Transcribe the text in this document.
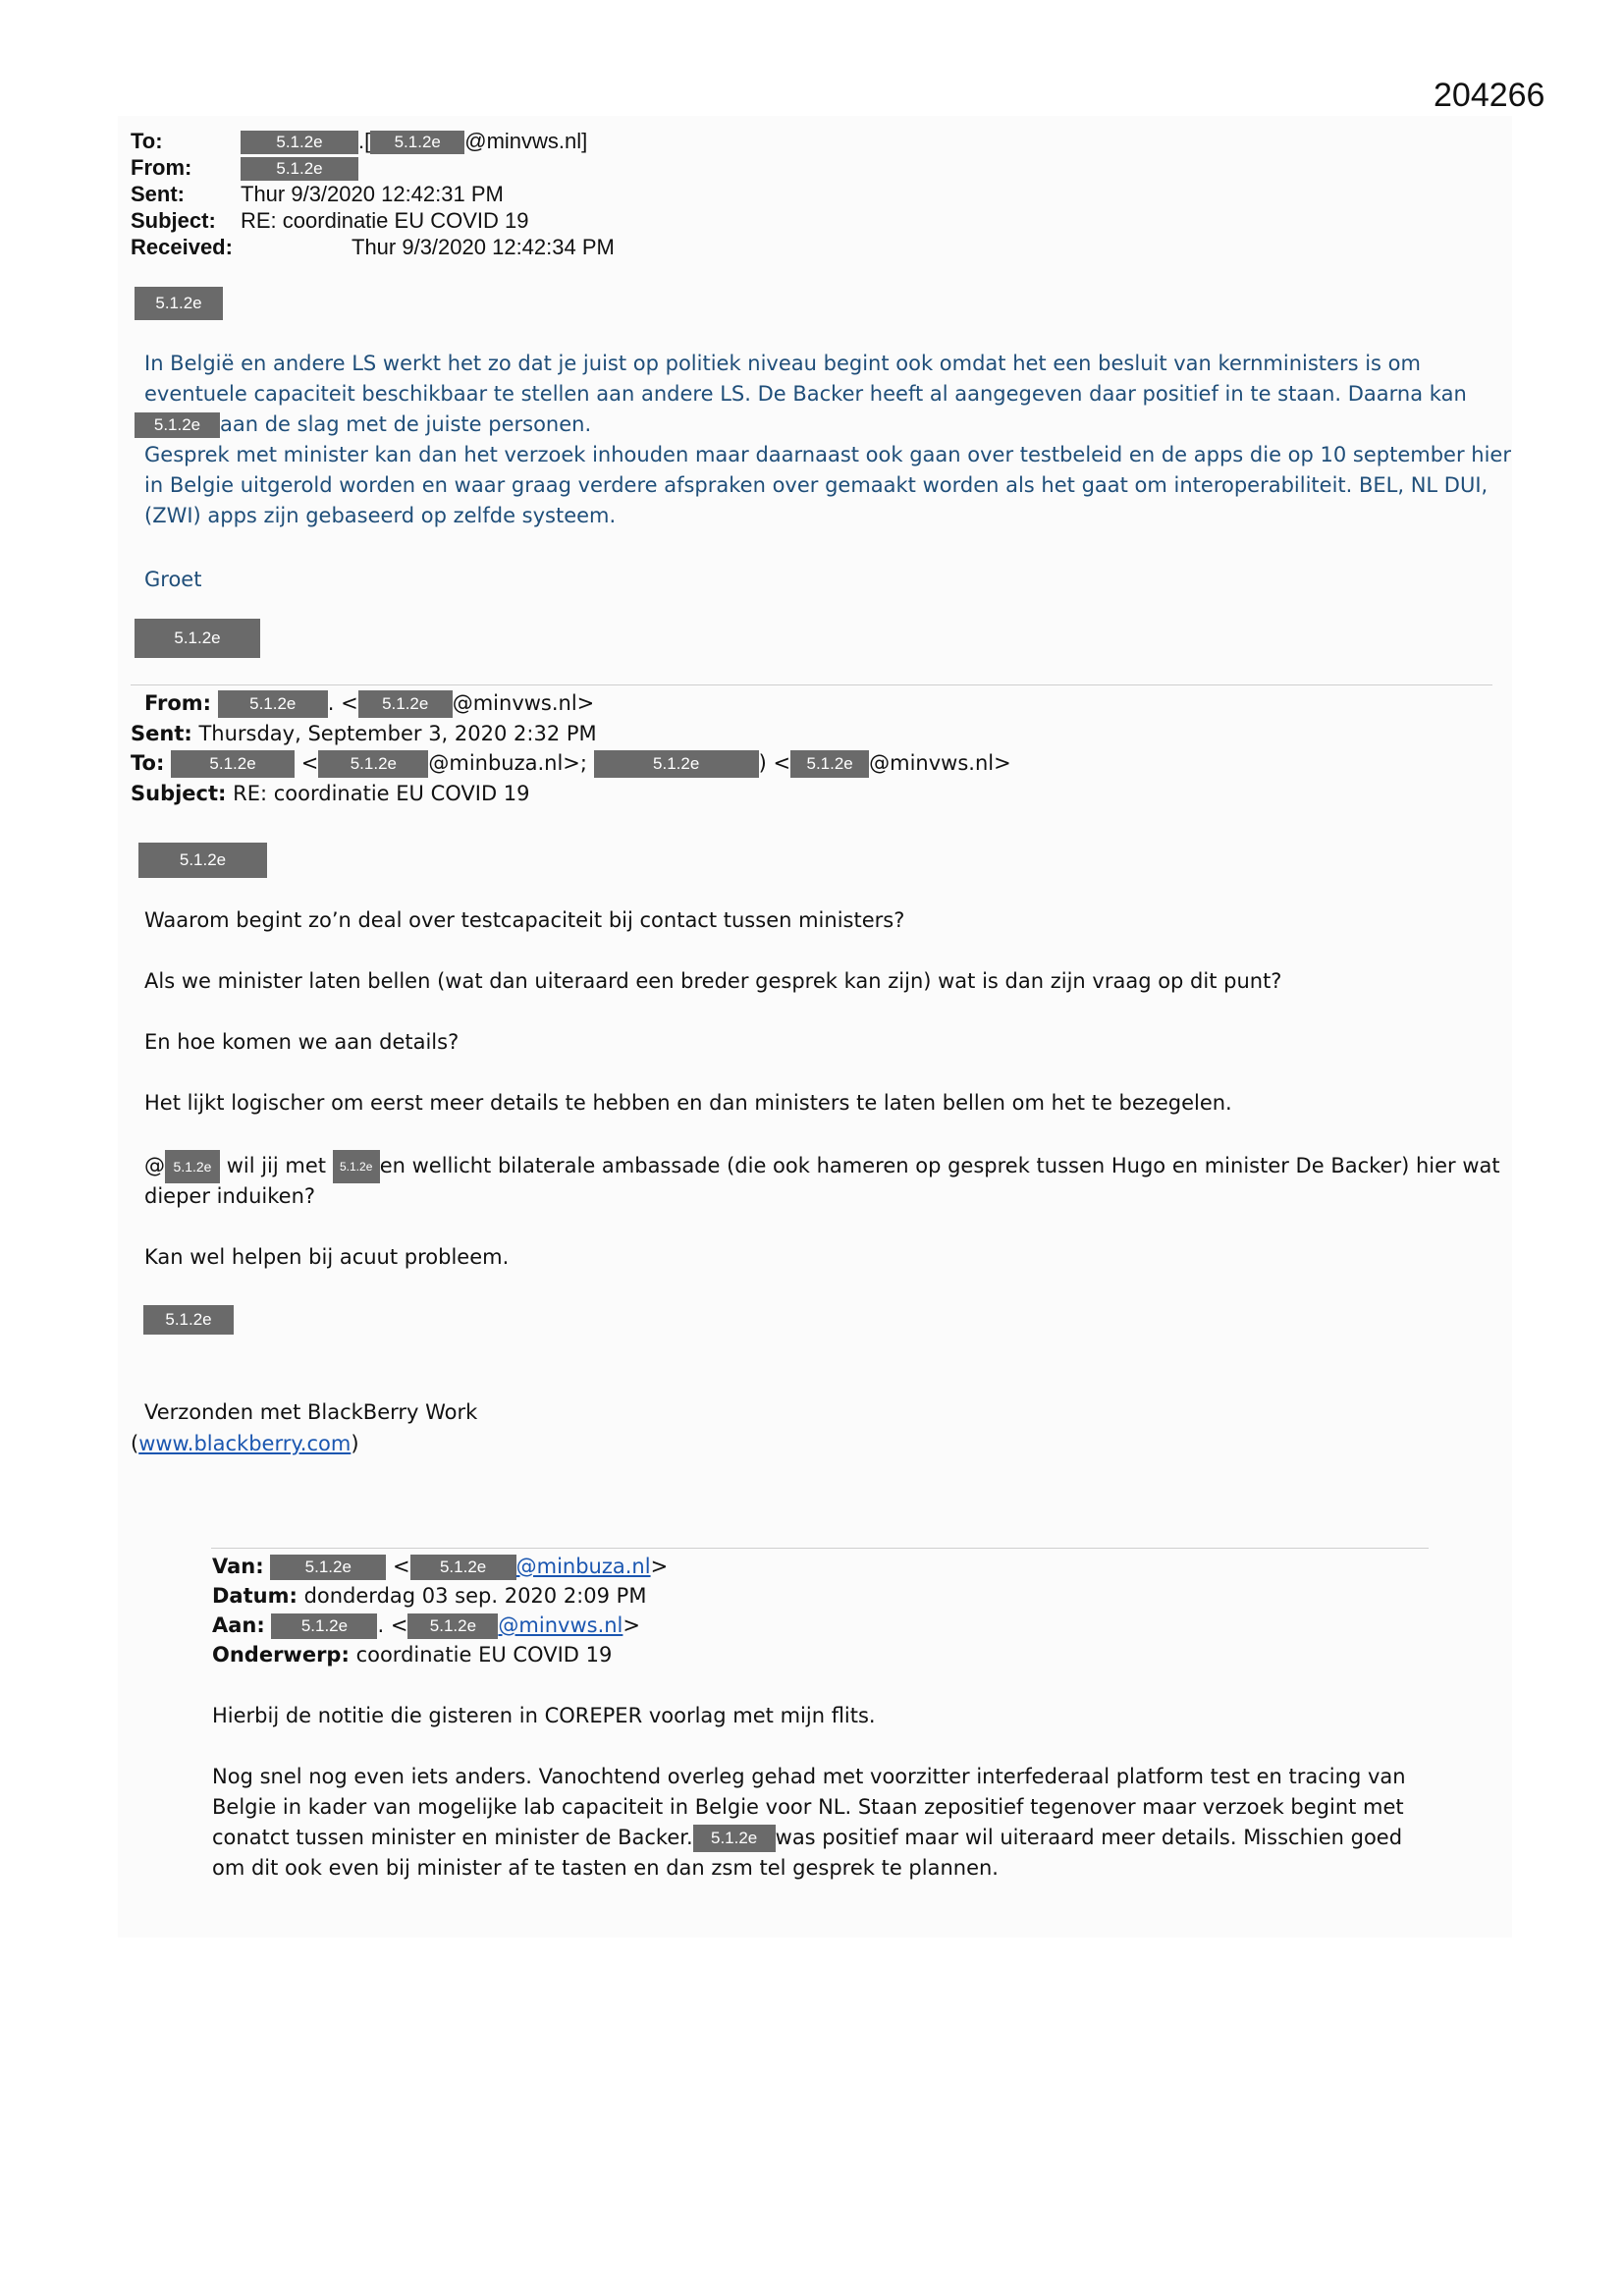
204266
To:	5.1.2e .[ 5.1.2e @minvws.nl]
From:	5.1.2e
Sent:	Thur 9/3/2020 12:42:31 PM
Subject: RE: coordinatie EU COVID 19
Received:	Thur 9/3/2020 12:42:34 PM
5.1.2e
In België en andere LS werkt het zo dat je juist op politiek niveau begint ook omdat het een besluit van kernministers is om
eventuele capaciteit beschikbaar te stellen aan andere LS. De Backer heeft al aangegeven daar positief in te staan. Daarna kan
5.1.2e aan de slag met de juiste personen.
Gesprek met minister kan dan het verzoek inhouden maar daarnaast ook gaan over testbeleid en de apps die op 10 september hier
in Belgie uitgerold worden en waar graag verdere afspraken over gemaakt worden als het gaat om interoperabiliteit. BEL, NL DUI,
(ZWI) apps zijn gebaseerd op zelfde systeem.
Groet
5.1.2e
From: 5.1.2e . < 5.1.2e @minvws.nl>
Sent: Thursday, September 3, 2020 2:32 PM
To:	5.1.2e < 5.1.2e @minbuza.nl>;	5.1.2e	) < 5.1.2e @minvws.nl>
Subject: RE: coordinatie EU COVID 19
5.1.2e
Waarom begint zo’n deal over testcapaciteit bij contact tussen ministers?
Als we minister laten bellen (wat dan uiteraard een breder gesprek kan zijn) wat is dan zijn vraag op dit punt?
En hoe komen we aan details?
Het lijkt logischer om eerst meer details te hebben en dan ministers te laten bellen om het te bezegelen.
@ 5.1.2e wil jij met 5.1.2e en wellicht bilaterale ambassade (die ook hameren op gesprek tussen Hugo en minister De Backer) hier wat
dieper induiken?
Kan wel helpen bij acuut probleem.
5.1.2e
Verzonden met BlackBerry Work
(www.blackberry.com)
Van: 5.1.2e < 5.1.2e @minbuza.nl>
Datum: donderdag 03 sep. 2020 2:09 PM
Aan: 5.1.2e . < 5.1.2e @minvws.nl>
Onderwerp: coordinatie EU COVID 19
Hierbij de notitie die gisteren in COREPER voorlag met mijn flits.
Nog snel nog even iets anders. Vanochtend overleg gehad met voorzitter interfederaal platform test en tracing van
Belgie in kader van mogelijke lab capaciteit in Belgie voor NL. Staan zepositief tegenover maar verzoek begint met
conatct tussen minister en minister de Backer. 5.1.2e was positief maar wil uiteraard meer details. Misschien goed
om dit ook even bij minister af te tasten en dan zsm tel gesprek te plannen.
